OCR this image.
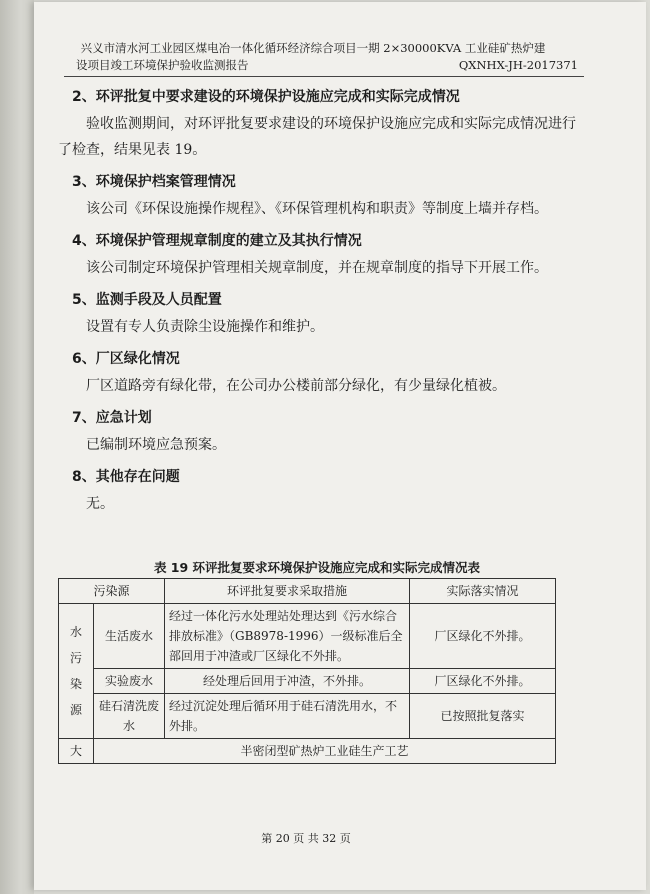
兴义市清水河工业园区煤电冶一体化循环经济综合项目一期 2×30000KVA 工业硅矿热炉建
设项目竣工环境保护验收监测报告	QXNHX-JH-2017371
2、环评批复中要求建设的环境保护设施应完成和实际完成情况
验收监测期间，对环评批复要求建设的环境保护设施应完成和实际完成情况进行了检查，结果见表 19。
3、环境保护档案管理情况
该公司《环保设施操作规程》、《环保管理机构和职责》等制度上墙并存档。
4、环境保护管理规章制度的建立及其执行情况
该公司制定环境保护管理相关规章制度，并在规章制度的指导下开展工作。
5、监测手段及人员配置
设置有专人负责除尘设施操作和维护。
6、厂区绿化情况
厂区道路旁有绿化带，在公司办公楼前部分绿化，有少量绿化植被。
7、应急计划
已编制环境应急预案。
8、其他存在问题
无。
表 19 环评批复要求环境保护设施应完成和实际完成情况表
污染源		环评批复要求采取措施	实际落实情况

水
污
染
源	生活废水	经过一体化污水处理站处理达到《污水综合排放标准》（GB8978-1996）一级标准后全部回用于冲渣或厂区绿化不外排。	厂区绿化不外排。
	实验废水	经处理后回用于冲渣，不外排。	厂区绿化不外排。
	硅石清洗废水	经过沉淀处理后循环用于硅石清洗用水，不外排。	已按照批复落实
大	半密闭型矿热炉工业硅生产工艺		
第 20 页 共 32 页
